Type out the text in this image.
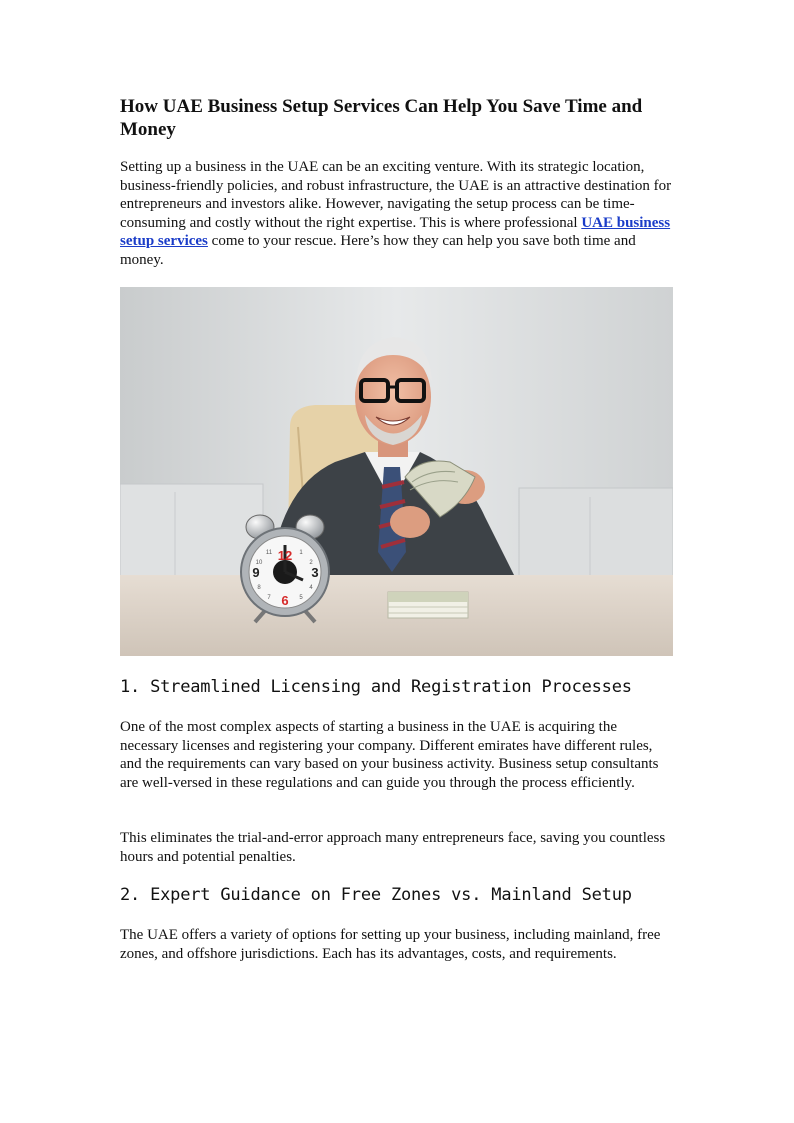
How UAE Business Setup Services Can Help You Save Time and Money

Setting up a business in the UAE can be an exciting venture. With its strategic location, business-friendly policies, and robust infrastructure, the UAE is an attractive destination for entrepreneurs and investors alike. However, navigating the setup process can be time-consuming and costly without the right expertise. This is where professional UAE business setup services come to your rescue. Here’s how they can help you save both time and money.

12
3
6
9
1
2
4
5
7
8
10
11
1. Streamlined Licensing and Registration Processes

One of the most complex aspects of starting a business in the UAE is acquiring the necessary licenses and registering your company. Different emirates have different rules, and the requirements can vary based on your business activity. Business setup consultants are well-versed in these regulations and can guide you through the process efficiently.

This eliminates the trial-and-error approach many entrepreneurs face, saving you countless hours and potential penalties.

2. Expert Guidance on Free Zones vs. Mainland Setup

The UAE offers a variety of options for setting up your business, including mainland, free zones, and offshore jurisdictions. Each has its advantages, costs, and requirements.
